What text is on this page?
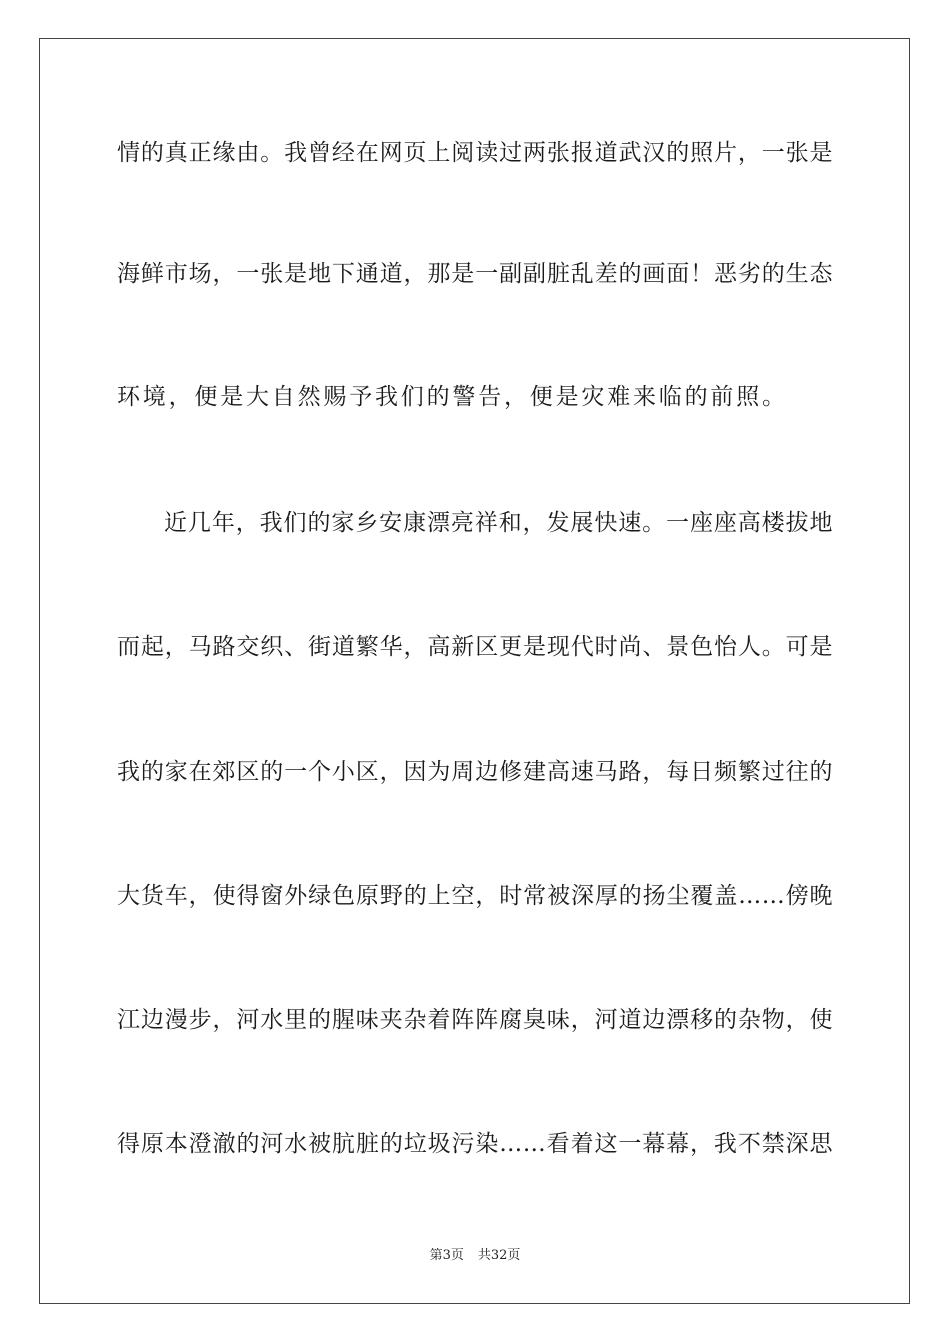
情的真正缘由。我曾经在网页上阅读过两张报道武汉的照片，一张是
海鲜市场，一张是地下通道，那是一副副脏乱差的画面！恶劣的生态
环境，便是大自然赐予我们的警告，便是灾难来临的前照。
近几年，我们的家乡安康漂亮祥和，发展快速。一座座高楼拔地
而起，马路交织、街道繁华，高新区更是现代时尚、景色怡人。可是
我的家在郊区的一个小区，因为周边修建高速马路，每日频繁过往的
大货车，使得窗外绿色原野的上空，时常被深厚的扬尘覆盖……傍晚
江边漫步，河水里的腥味夹杂着阵阵腐臭味，河道边漂移的杂物，使
得原本澄澈的河水被肮脏的垃圾污染……看着这一幕幕，我不禁深思
第3页 共32页
